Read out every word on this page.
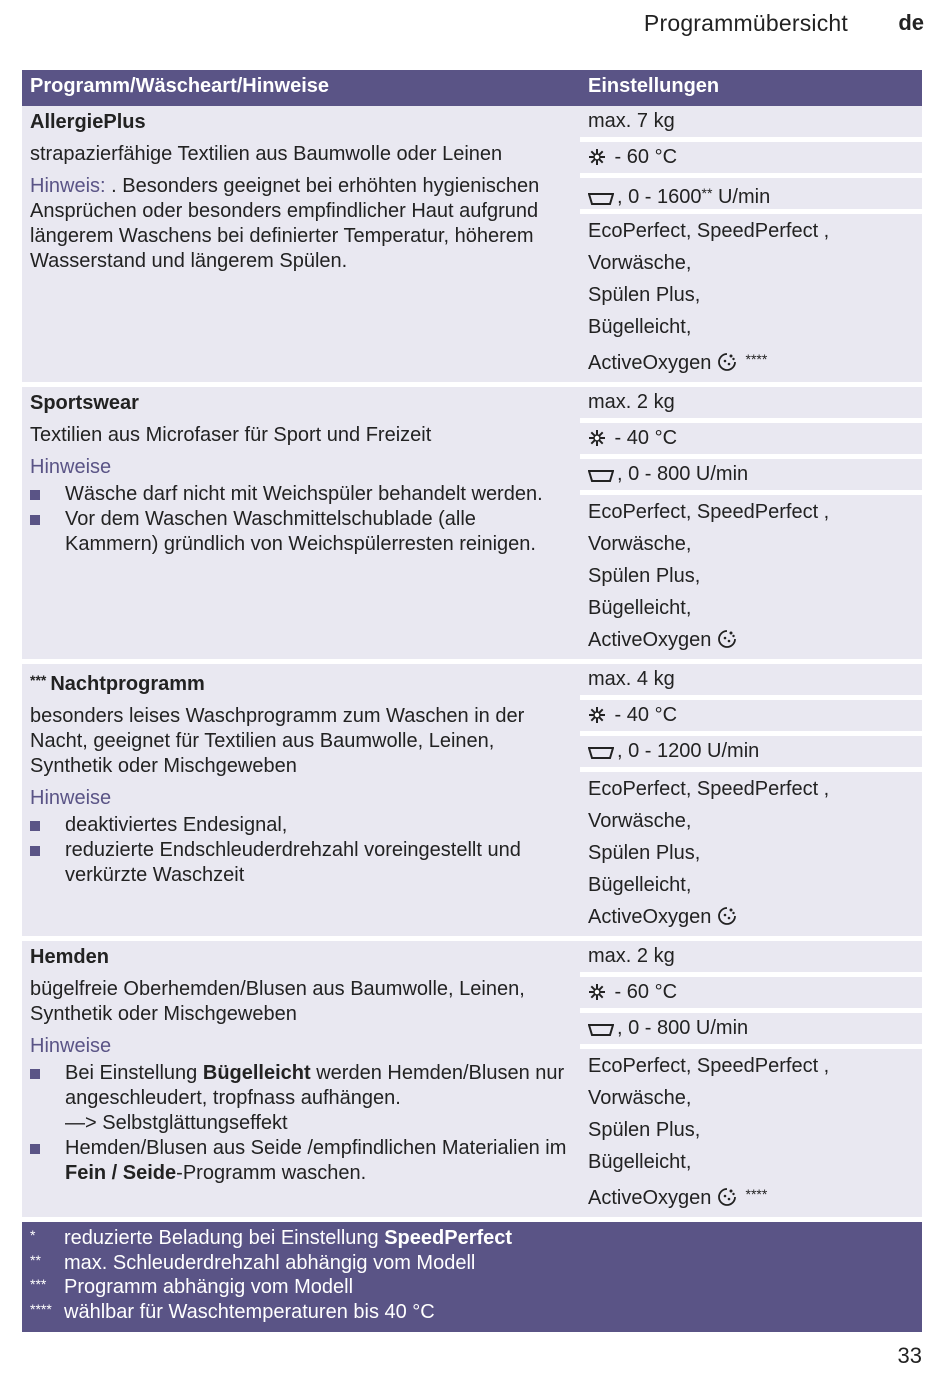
Programmübersicht de
Programm/Wäscheart/Hinweise	Einstellungen
AllergiePlus
strapazierfähige Textilien aus Baumwolle oder Leinen
Hinweis: . Besonders geeignet bei erhöhten hygienischen Ansprüchen oder besonders empfindlicher Haut aufgrund längerem Waschens bei definierter Temperatur, höherem Wasserstand und längerem Spülen.
max. 7 kg
- 60 °C
, 0 - 1600** U/min
EcoPerfect, SpeedPerfect ,
Vorwäsche,
Spülen Plus,
Bügelleicht,
ActiveOxygen ****
Sportswear
Textilien aus Microfaser für Sport und Freizeit
Hinweise
Wäsche darf nicht mit Weichspüler behandelt werden.
Vor dem Waschen Waschmittelschublade (alle Kammern) gründlich von Weichspülerresten reinigen.
max. 2 kg
- 40 °C
, 0 - 800 U/min
EcoPerfect, SpeedPerfect ,
Vorwäsche,
Spülen Plus,
Bügelleicht,
ActiveOxygen
*** Nachtprogramm
besonders leises Waschprogramm zum Waschen in der Nacht, geeignet für Textilien aus Baumwolle, Leinen, Synthetik oder Mischgeweben
Hinweise
deaktiviertes Endesignal,
reduzierte Endschleuderdrehzahl voreingestellt und verkürzte Waschzeit
max. 4 kg
- 40 °C
, 0 - 1200 U/min
EcoPerfect, SpeedPerfect ,
Vorwäsche,
Spülen Plus,
Bügelleicht,
ActiveOxygen
Hemden
bügelfreie Oberhemden/Blusen aus Baumwolle, Leinen, Synthetik oder Mischgeweben
Hinweise
Bei Einstellung Bügelleicht werden Hemden/Blusen nur angeschleudert, tropfnass aufhängen.
—> Selbstglättungseffekt
Hemden/Blusen aus Seide /empfindlichen Materialien im Fein / Seide-Programm waschen.
max. 2 kg
- 60 °C
, 0 - 800 U/min
EcoPerfect, SpeedPerfect ,
Vorwäsche,
Spülen Plus,
Bügelleicht,
ActiveOxygen ****
* reduzierte Beladung bei Einstellung SpeedPerfect
** max. Schleuderdrehzahl abhängig vom Modell
*** Programm abhängig vom Modell
**** wählbar für Waschtemperaturen bis 40 °C
33
